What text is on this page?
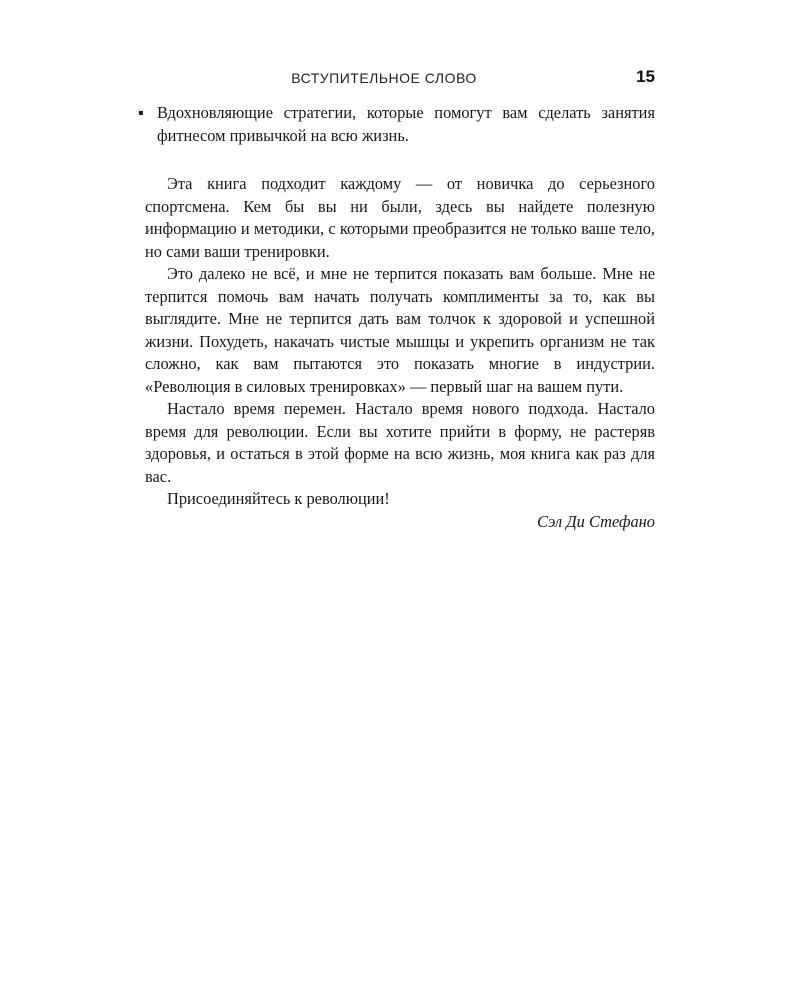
ВСТУПИТЕЛЬНОЕ СЛОВО	15
▪ Вдохновляющие стратегии, которые помогут вам сделать занятия фитнесом привычкой на всю жизнь.

Эта книга подходит каждому — от новичка до серьезного спортсмена. Кем бы вы ни были, здесь вы найдете полезную информацию и методики, с которыми преобразится не только ваше тело, но сами ваши тренировки.

Это далеко не всё, и мне не терпится показать вам больше. Мне не терпится помочь вам начать получать комплименты за то, как вы выглядите. Мне не терпится дать вам толчок к здоровой и успешной жизни. Похудеть, накачать чистые мышцы и укрепить организм не так сложно, как вам пытаются это показать многие в индустрии. «Революция в силовых тренировках» — первый шаг на вашем пути.

Настало время перемен. Настало время нового подхода. Настало время для революции. Если вы хотите прийти в форму, не растеряв здоровья, и остаться в этой форме на всю жизнь, моя книга как раз для вас.

Присоединяйтесь к революции!

Сэл Ди Стефано
